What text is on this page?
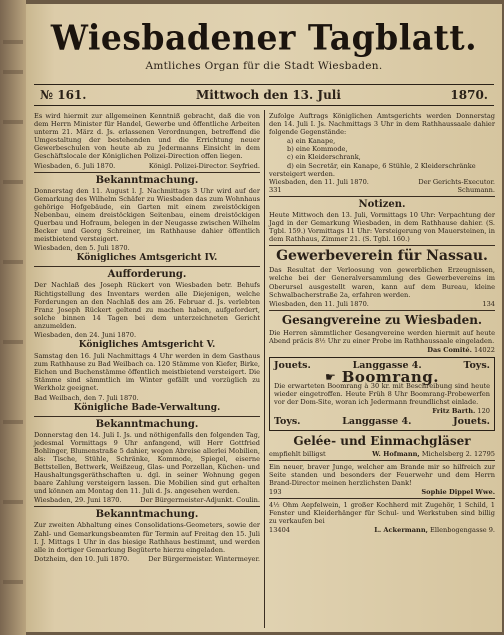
Wiesbadener Tagblatt.
Amtliches Organ für die Stadt Wiesbaden.
№ 161.	Mittwoch den 13. Juli	1870.
Es wird hiermit zur allgemeinen Kenntniß gebracht, daß die von dem Herrn Minister für Handel, Gewerbe und öffentliche Arbeiten unterm 21. März d. Js. erlassenen Verordnungen, betreffend die Umgestaltung der bestehenden und die Errichtung neuer Gewerbeschulen von heute ab zu Jedermanns Einsicht in dem Geschäftslocale der Königlichen Polizei-Direction offen liegen.
Wiesbaden, 6. Juli 1870.	Königl. Polizei-Director. Seyfried.
Bekanntmachung.
Donnerstag den 11. August l. J. Nachmittags 3 Uhr wird auf der Gemarkung des Wilhelm Schäfer zu Wiesbaden das zum Wohnhaus gehörige Hofgebäude, ein Garten mit einem zweistöckigen Nebenbau, einem dreistöckigen Seitenbau, einem dreistöckigen Querbau und Hofraum, belegen in der Neugasse zwischen Wilhelm Becker und Georg Schreiner, im Rathhause dahier öffentlich meistbietend versteigert.
Wiesbaden, den 5. Juli 1870.
Königliches Amtsgericht IV.
Aufforderung.
Der Nachlaß des Joseph Rückert von Wiesbaden betr. Behufs Richtigstellung des Inventars werden alle Diejenigen, welche Forderungen an den Nachlaß des am 26. Februar d. Js. verlebten Franz Joseph Rückert geltend zu machen haben, aufgefordert, solche binnen 14 Tagen bei dem unterzeichneten Gericht anzumelden.
Wiesbaden, den 24. Juni 1870.
Königliches Amtsgericht V.
Samstag den 16. Juli Nachmittags 4 Uhr werden in dem Gasthaus zum Rathhause zu Bad Weilbach ca. 120 Stämme von Kiefer, Birke, Eichen und Buchenstämme öffentlich meistbietend versteigert. Die Stämme sind sämmtlich im Winter gefällt und vorzüglich zu Werkholz geeignet.
Bad Weilbach, den 7. Juli 1870.
Königliche Bade-Verwaltung.
Bekanntmachung.
Donnerstag den 14. Juli I. Js. und nöthigenfalls den folgenden Tag, jedesmal Vormittags 9 Uhr anfangend, will Herr Gottfried Bohlinger, Blumenstraße 5 dahier, wegen Abreise allerlei Mobilien, als: Tische, Stühle, Schränke, Kommode, Spiegel, eiserne Bettstellen, Bettwerk, Weißzeug, Glas- und Porzellan, Küchen- und Haushaltungsgeräthschaften u. dgl. in seiner Wohnung gegen baare Zahlung versteigern lassen. Die Mobilien sind gut erhalten und können am Montag den 11. Juli d. Js. angesehen werden.
Wiesbaden, 29. Juni 1870.	Der Bürgermeister-Adjunkt. Coulin.
Bekanntmachung.
Zur zweiten Abhaltung eines Consolidations-Geometers, sowie der Zahl- und Gemarkungsbeamten für Termin auf Freitag den 15. Juli I. J. Mittags 1 Uhr in das biesige Rathhaus bestimmt, und werden alle in dortiger Gemarkung Begüterte hierzu eingeladen.
Dotzheim, den 10. Juli 1870.	Der Bürgermeister. Wintermeyer.
Zufolge Auftrags Königlichen Amtsgerichts werden Donnerstag den 14. Juli I. Js. Nachmittags 3 Uhr in dem Rathhaussaale dahier folgende Gegenstände:
a) ein Kanape,
b) eine Kommode,
c) ein Kleiderschrank,
d) ein Secretär, ein Kanape, 6 Stühle, 2 Kleiderschränke
versteigert werden.
Wiesbaden, den 11. Juli 1870.	Der Gerichts-Executor.
331	Schumann.
Notizen.
Heute Mittwoch den 13. Juli, Vormittags 10 Uhr: Verpachtung der Jagd in der Gemarkung Wiesbaden, in dem Rathhause dahier. (S. Tgbl. 159.) Vormittags 11 Uhr: Versteigerung von Mauersteinen, in dem Rathhaus, Zimmer 21. (S. Tgbl. 160.)
Gewerbeverein für Nassau.
Das Resultat der Verloosung von gewerblichen Erzeugnissen, welche bei der Generalversammlung des Gewerbevereins im Oberursel ausgestellt waren, kann auf dem Bureau, kleine Schwalbacherstraße 2a, erfahren werden.
Wiesbaden, den 11. Juli 1870.	134
Gesangvereine zu Wiesbaden.
Die Herren sämmtlicher Gesangvereine werden hiermit auf heute Abend präcis 8½ Uhr zu einer Probe im Rathhaussaale eingeladen.
Das Comité. 14022
Jouets.	Langgasse 4.	Toys.
☛ Boomrang.
Die erwarteten Boomrang à 30 kr. mit Beschreibung sind heute wieder eingetroffen. Heute Früh 8 Uhr Boomrang-Probewerfen vor der Dom-Site, woran ich Jedermann freundlichst einlade.
Fritz Barth. 120
Toys.	Langgasse 4.	Jouets.
Gelée- und Einmachgläser
empfiehlt billigst	W. Hofmann, Michelsberg 2. 12795
Ein neuer, braver Junge, welcher am Brande mir so hilfreich zur Seite standen und besonders der Feuerwehr und dem Herrn Brand-Director meinen herzlichsten Dank!
193	Sophie Dippel Wwe.
4½ Ohm Aepfelwein, 1 großer Kochherd mit Zugehör, 1 Schild, 1 Fenster und Kleiderhänger für Schul- und Werkstuben sind billig zu verkaufen bei
13404	L. Ackermann, Ellenbogengasse 9.
